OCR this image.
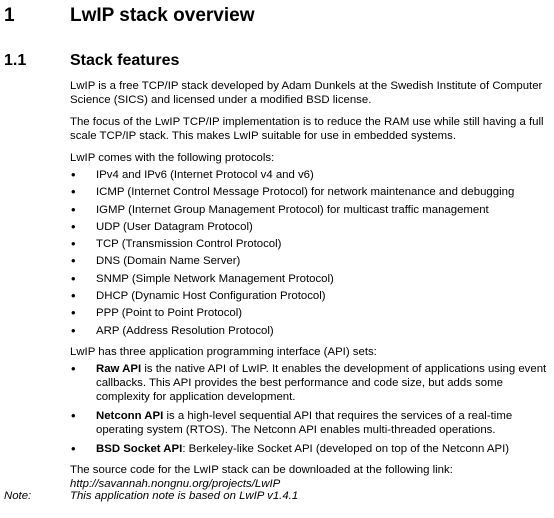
1	LwIP stack overview
1.1	Stack features

LwIP is a free TCP/IP stack developed by Adam Dunkels at the Swedish Institute of Computer Science (SICS) and licensed under a modified BSD license.

The focus of the LwIP TCP/IP implementation is to reduce the RAM use while still having a full scale TCP/IP stack. This makes LwIP suitable for use in embedded systems.

LwIP comes with the following protocols:

• IPv4 and IPv6 (Internet Protocol v4 and v6)
• ICMP (Internet Control Message Protocol) for network maintenance and debugging
• IGMP (Internet Group Management Protocol) for multicast traffic management
• UDP (User Datagram Protocol)
• TCP (Transmission Control Protocol)
• DNS (Domain Name Server)
• SNMP (Simple Network Management Protocol)
• DHCP (Dynamic Host Configuration Protocol)
• PPP (Point to Point Protocol)
• ARP (Address Resolution Protocol)

LwIP has three application programming interface (API) sets:

• Raw API is the native API of LwIP. It enables the development of applications using event callbacks. This API provides the best performance and code size, but adds some complexity for application development.
• Netconn API is a high-level sequential API that requires the services of a real-time operating system (RTOS). The Netconn API enables multi-threaded operations.
• BSD Socket API: Berkeley-like Socket API (developed on top of the Netconn API)

The source code for the LwIP stack can be downloaded at the following link:
http://savannah.nongnu.org/projects/LwIP

Note:	This application note is based on LwIP v1.4.1
